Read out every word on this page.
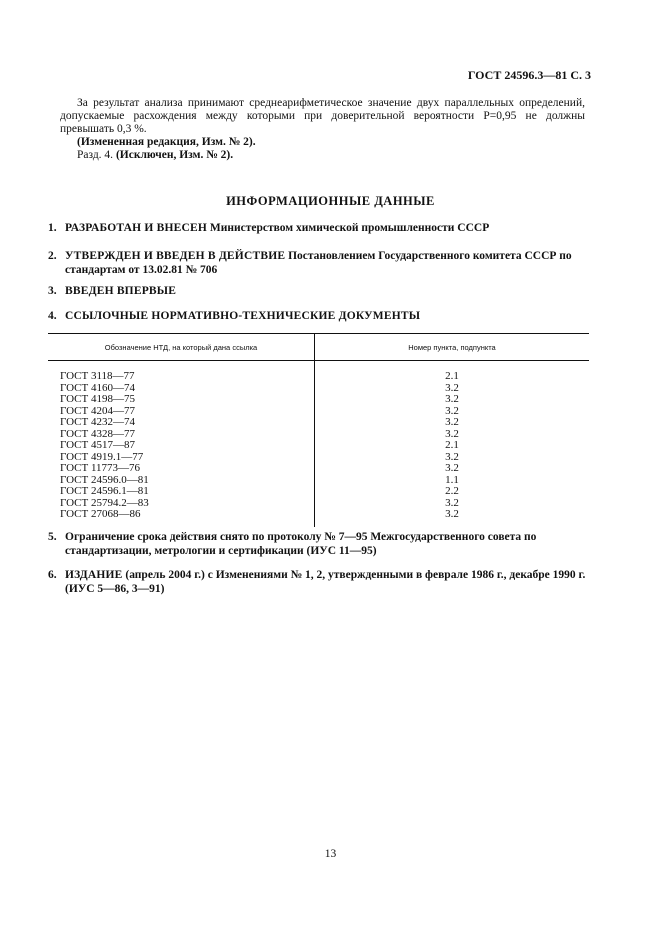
ГОСТ 24596.3—81 С. 3
За результат анализа принимают среднеарифметическое значение двух параллельных определений, допускаемые расхождения между которыми при доверительной вероятности P=0,95 не должны превышать 0,3 %.
(Измененная редакция, Изм. № 2).
Разд. 4. (Исключен, Изм. № 2).
ИНФОРМАЦИОННЫЕ ДАННЫЕ
1. РАЗРАБОТАН И ВНЕСЕН Министерством химической промышленности СССР
2. УТВЕРЖДЕН И ВВЕДЕН В ДЕЙСТВИЕ Постановлением Государственного комитета СССР по стандартам от 13.02.81 № 706
3. ВВЕДЕН ВПЕРВЫЕ
4. ССЫЛОЧНЫЕ НОРМАТИВНО-ТЕХНИЧЕСКИЕ ДОКУМЕНТЫ
Обозначение НТД, на который дана ссылка	Номер пункта, подпункта
ГОСТ 3118—77	2.1
ГОСТ 4160—74	3.2
ГОСТ 4198—75	3.2
ГОСТ 4204—77	3.2
ГОСТ 4232—74	3.2
ГОСТ 4328—77	3.2
ГОСТ 4517—87	2.1
ГОСТ 4919.1—77	3.2
ГОСТ 11773—76	3.2
ГОСТ 24596.0—81	1.1
ГОСТ 24596.1—81	2.2
ГОСТ 25794.2—83	3.2
ГОСТ 27068—86	3.2
5. Ограничение срока действия снято по протоколу № 7—95 Межгосударственного совета по стандартизации, метрологии и сертификации (ИУС 11—95)
6. ИЗДАНИЕ (апрель 2004 г.) с Изменениями № 1, 2, утвержденными в феврале 1986 г., декабре 1990 г. (ИУС 5—86, 3—91)
13
